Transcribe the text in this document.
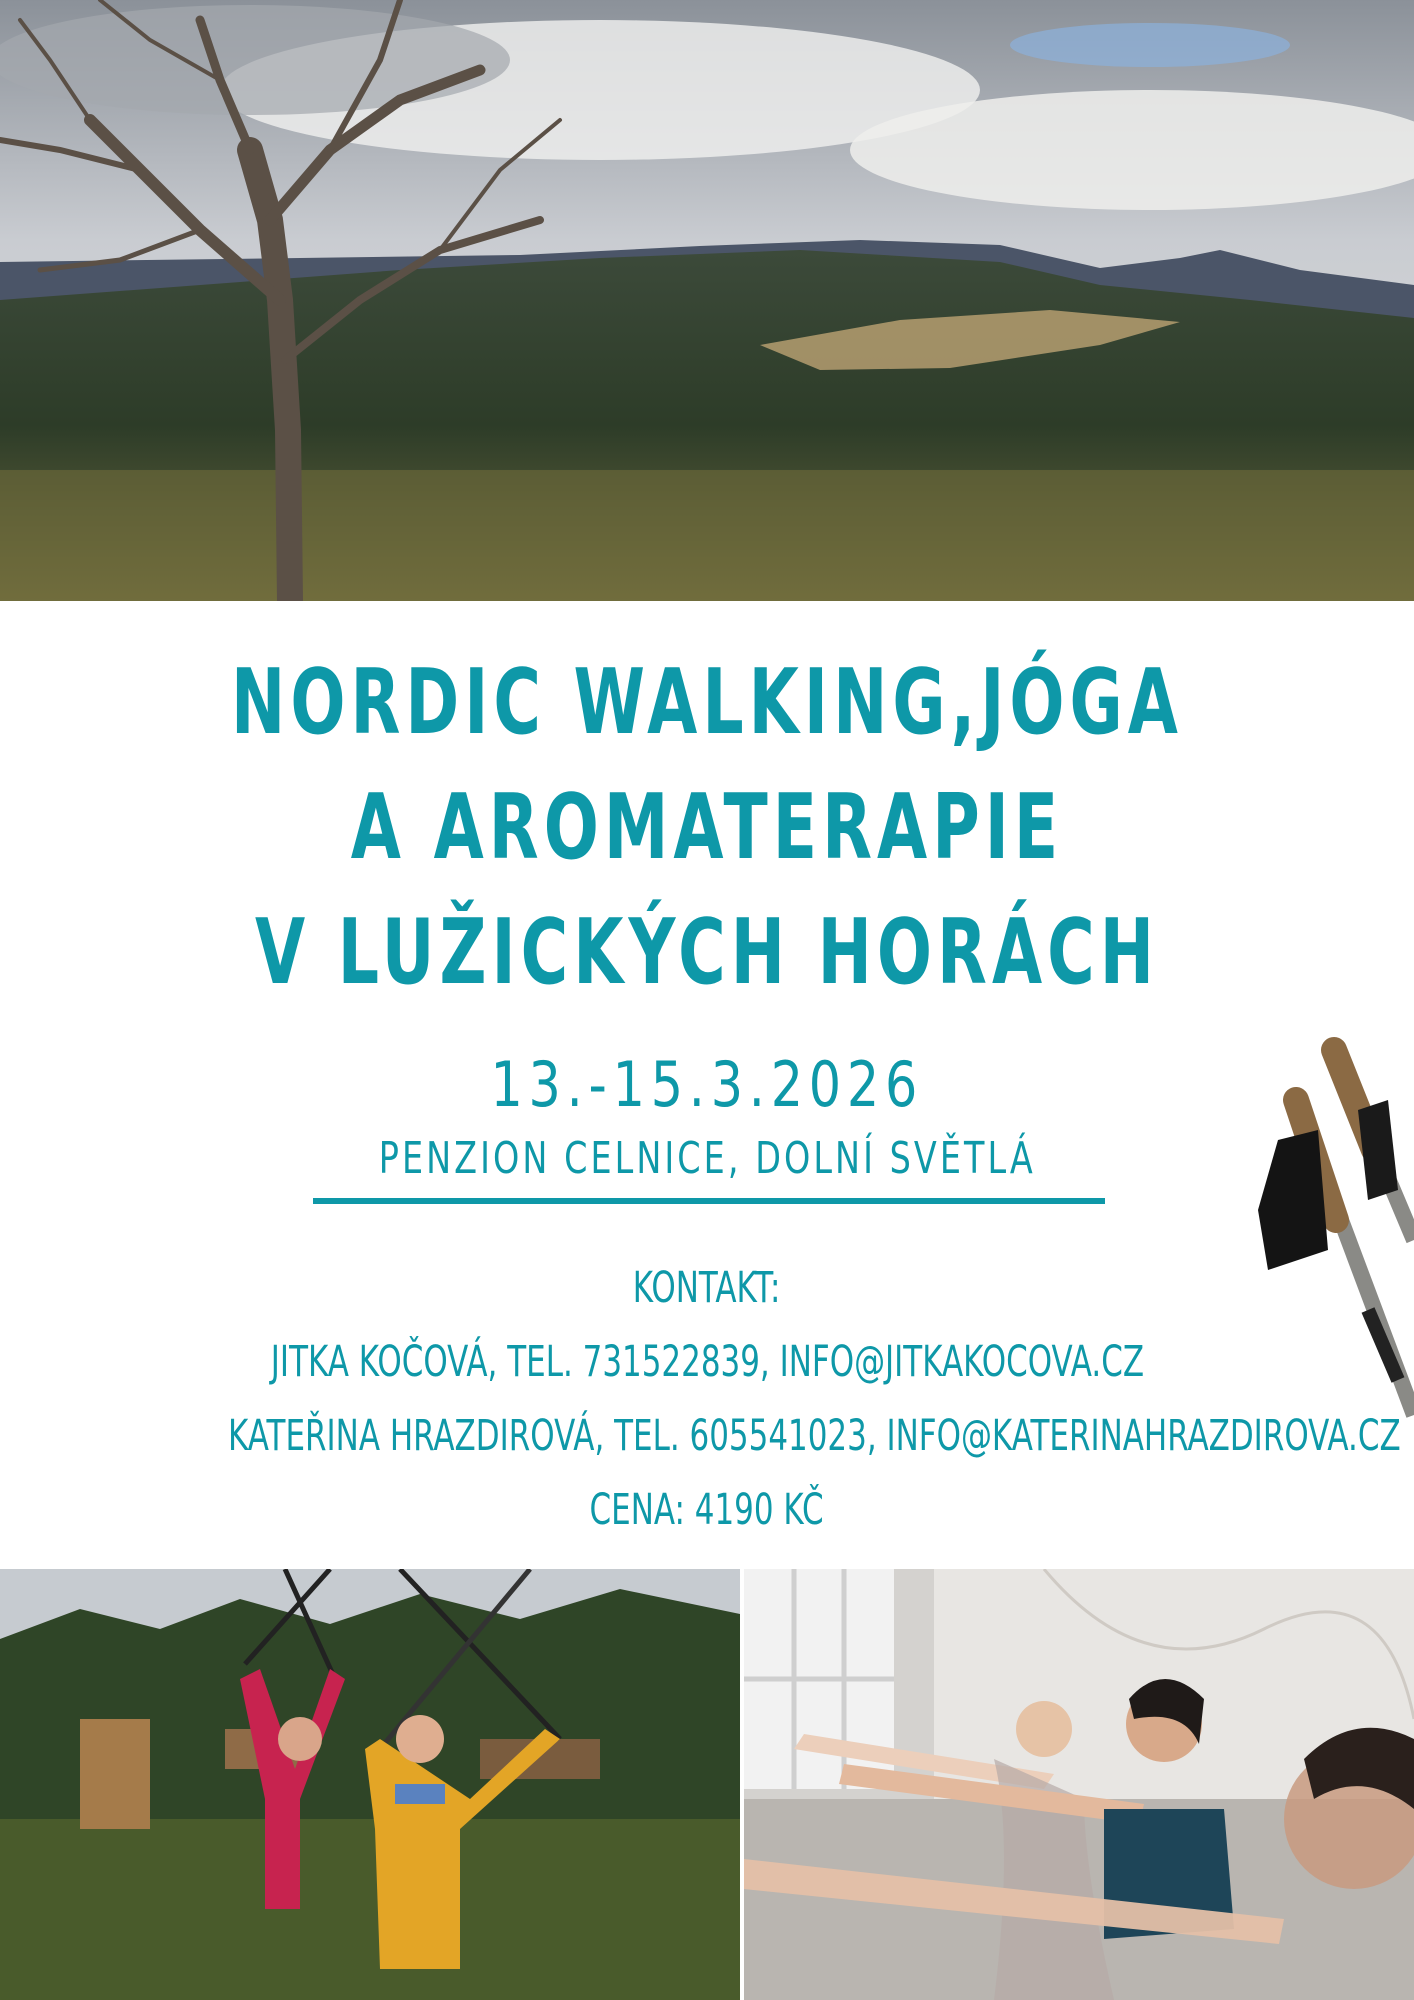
NORDIC WALKING,JÓGA
A AROMATERAPIE
V LUŽICKÝCH HORÁCH
13.-15.3.2026
PENZION CELNICE, DOLNÍ SVĚTLÁ
KONTAKT:
JITKA KOČOVÁ, TEL. 731522839, INFO@JITKAKOCOVA.CZ
KATEŘINA HRAZDIROVÁ, TEL. 605541023, INFO@KATERINAHRAZDIROVA.CZ
CENA: 4190 KČ
